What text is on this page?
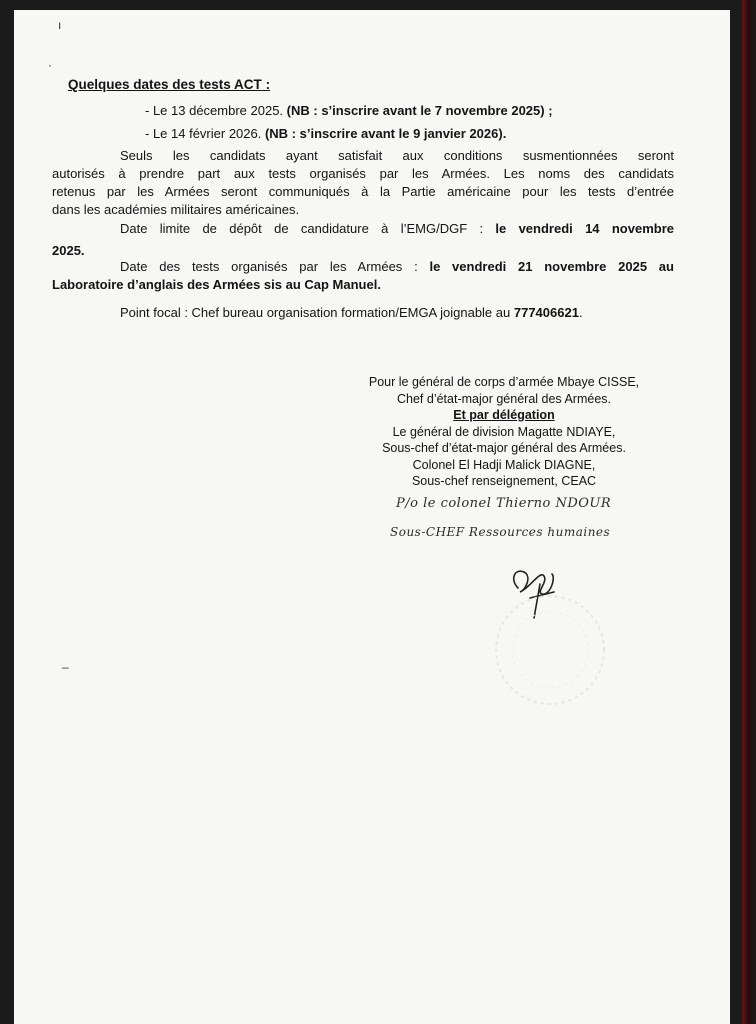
ı
·
Quelques dates des tests ACT :
- Le 13 décembre 2025. (NB : s’inscrire avant le 7 novembre 2025) ;
- Le 14 février 2026. (NB : s’inscrire avant le 9 janvier 2026).
Seuls les candidats ayant satisfait aux conditions susmentionnées seront
autorisés à prendre part aux tests organisés par les Armées. Les noms des candidats
retenus par les Armées seront communiqués à la Partie américaine pour les tests d’entrée
dans les académies militaires américaines.
Date limite de dépôt de candidature à l’EMG/DGF : le vendredi 14 novembre
2025.
Date des tests organisés par les Armées : le vendredi 21 novembre 2025 au
Laboratoire d’anglais des Armées sis au Cap Manuel.
Point focal : Chef bureau organisation formation/EMGA joignable au 777406621.
Pour le général de corps d’armée Mbaye CISSE,
Chef d’état-major général des Armées.
Et par délégation
Le général de division Magatte NDIAYE,
Sous-chef d’état-major général des Armées.
Colonel El Hadji Malick DIAGNE,
Sous-chef renseignement, CEAC
P/o le colonel Thierno NDOUR
Sous-CHEF Ressources humaines
–
